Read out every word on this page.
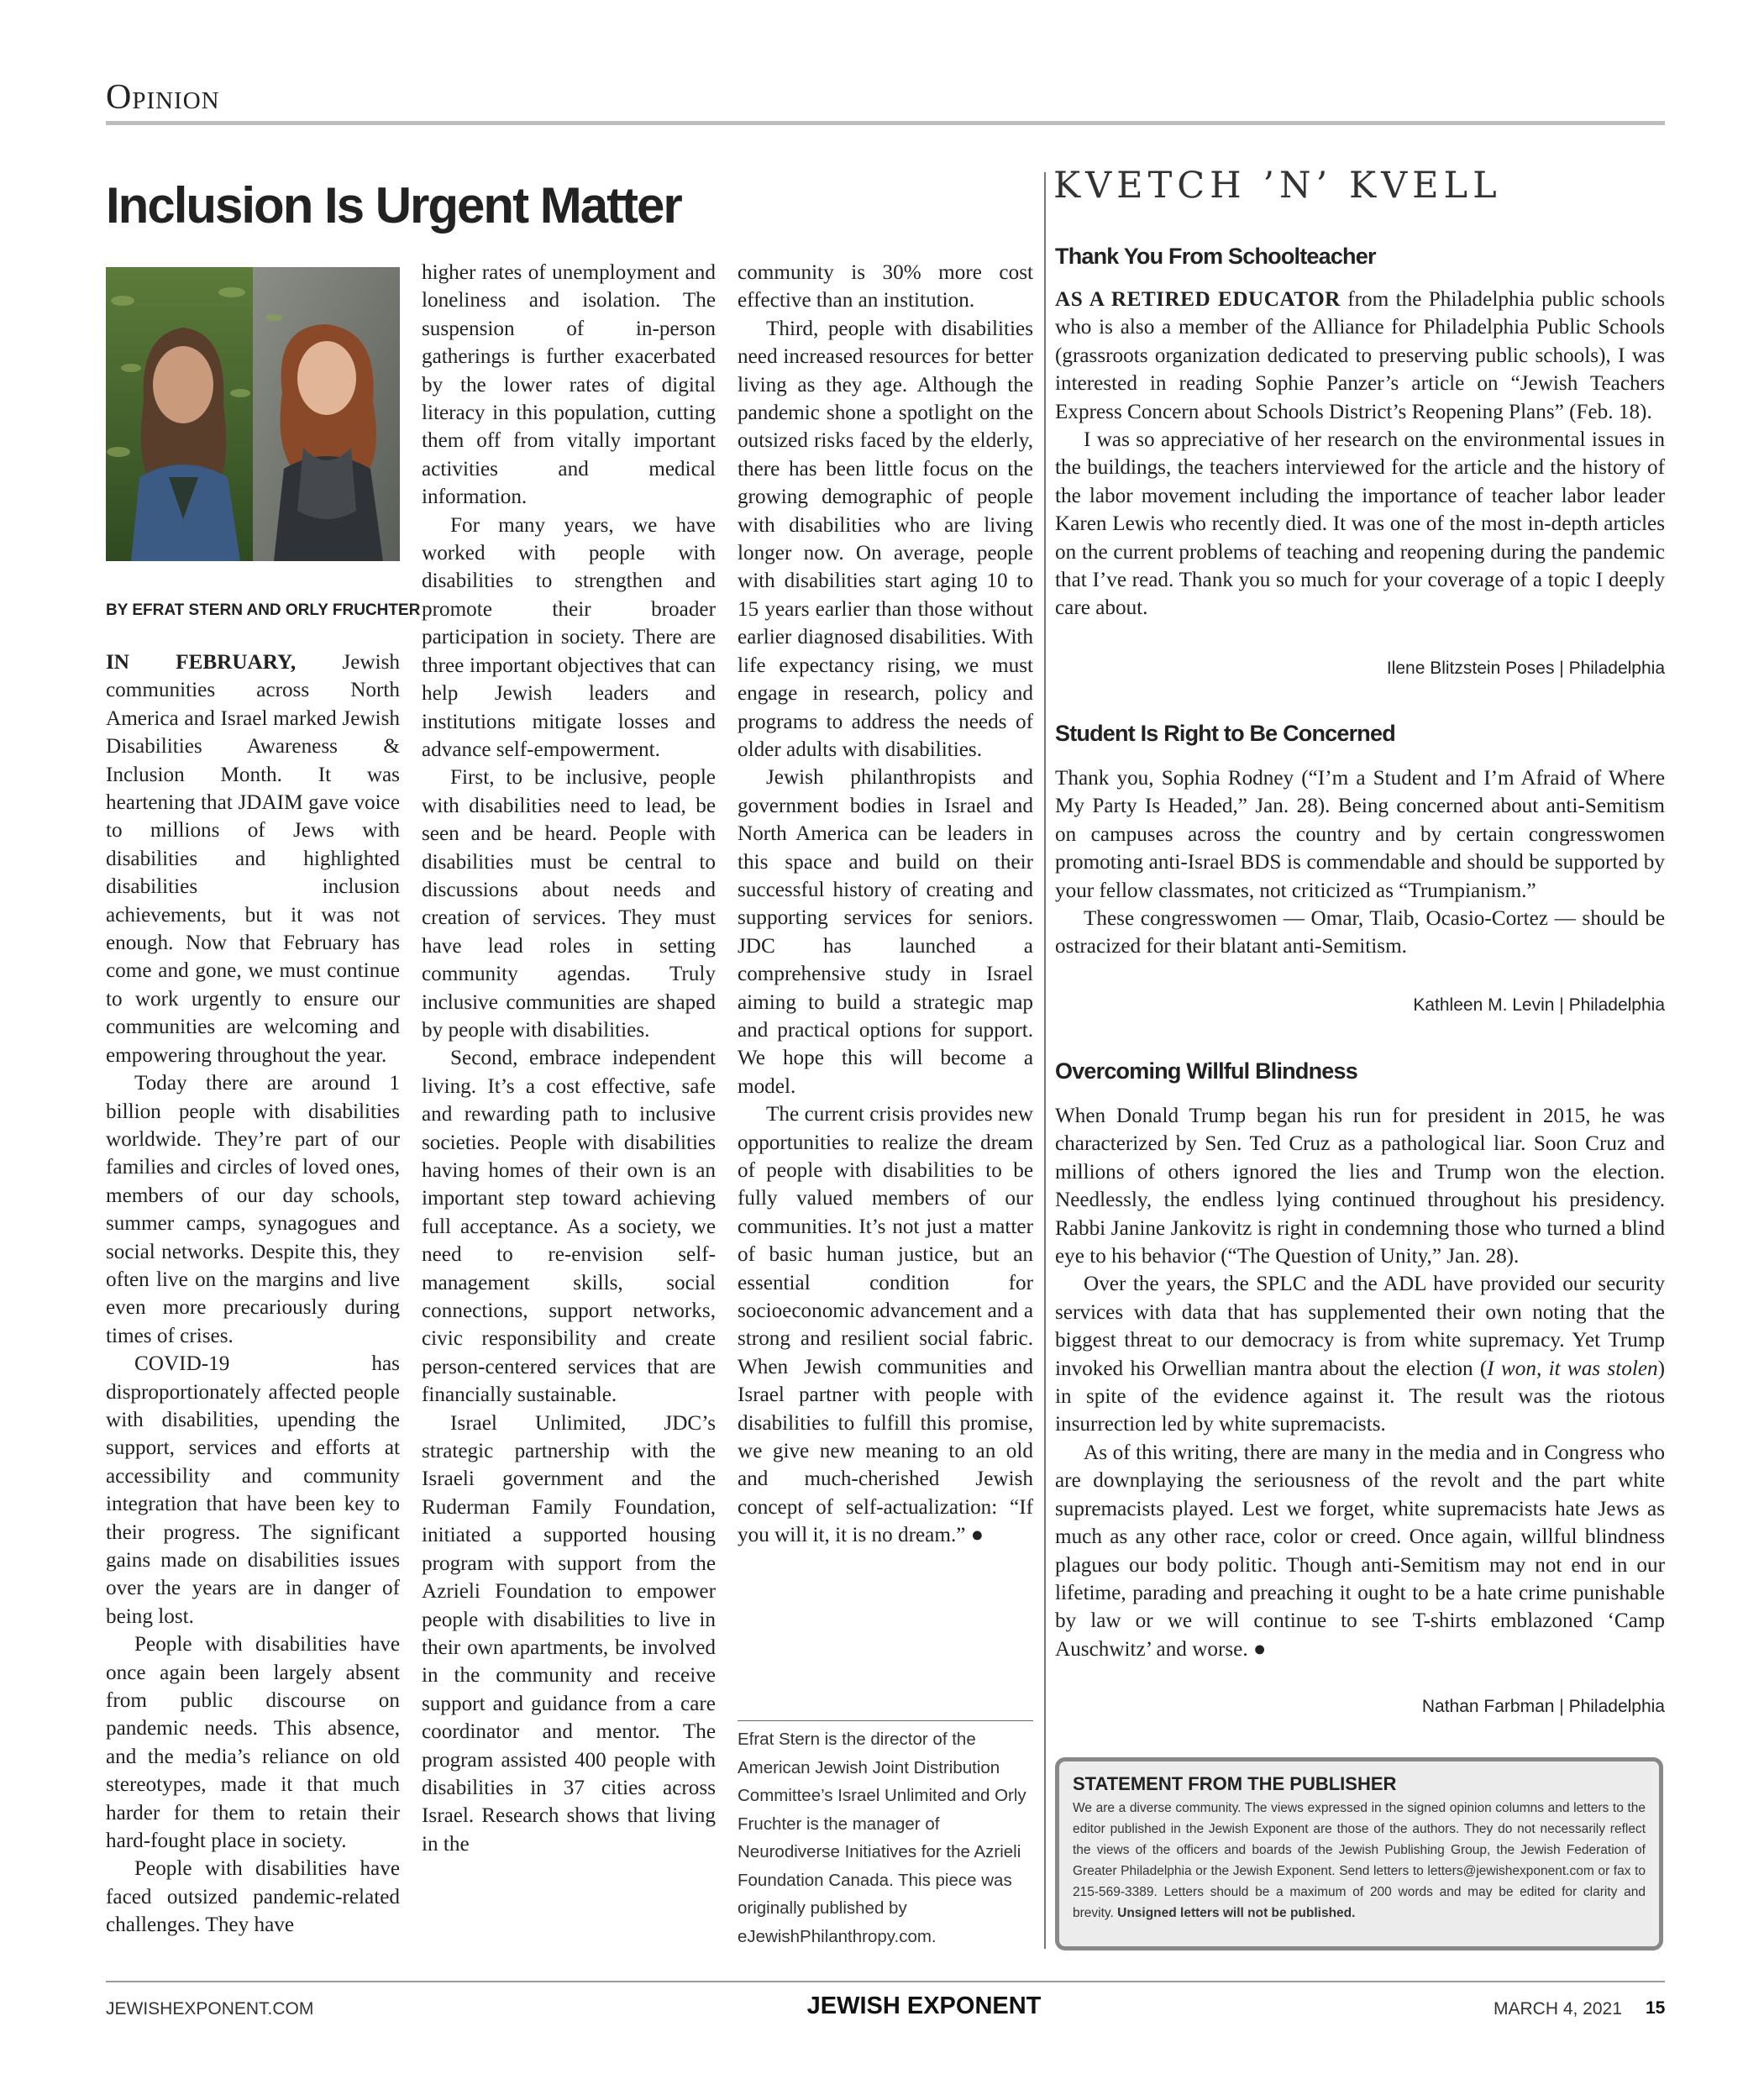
Opinion
Inclusion Is Urgent Matter
BY EFRAT STERN AND ORLY FRUCHTER

IN FEBRUARY, Jewish communities across North America and Israel marked Jewish Disabilities Awareness & Inclusion Month. It was heartening that JDAIM gave voice to millions of Jews with disabilities and highlighted disabilities inclusion achievements, but it was not enough. Now that February has come and gone, we must continue to work urgently to ensure our communities are welcoming and empowering throughout the year.

Today there are around 1 billion people with disabilities worldwide. They’re part of our families and circles of loved ones, members of our day schools, summer camps, synagogues and social networks. Despite this, they often live on the margins and live even more precariously during times of crises.

COVID-19 has disproportionately affected people with disabilities, upending the support, services and efforts at accessibility and community integration that have been key to their progress. The significant gains made on disabilities issues over the years are in danger of being lost.

People with disabilities have once again been largely absent from public discourse on pandemic needs. This absence, and the media’s reliance on old stereotypes, made it that much harder for them to retain their hard-fought place in society.

People with disabilities have faced outsized pandemic-related challenges. They have

higher rates of unemployment and loneliness and isolation. The suspension of in-person gatherings is further exacerbated by the lower rates of digital literacy in this population, cutting them off from vitally important activities and medical information.

For many years, we have worked with people with disabilities to strengthen and promote their broader participation in society. There are three important objectives that can help Jewish leaders and institutions mitigate losses and advance self-empowerment.

First, to be inclusive, people with disabilities need to lead, be seen and be heard. People with disabilities must be central to discussions about needs and creation of services. They must have lead roles in setting community agendas. Truly inclusive communities are shaped by people with disabilities.

Second, embrace independent living. It’s a cost effective, safe and rewarding path to inclusive societies. People with disabilities having homes of their own is an important step toward achieving full acceptance. As a society, we need to re-envision self-management skills, social connections, support networks, civic responsibility and create person-centered services that are financially sustainable.

Israel Unlimited, JDC’s strategic partnership with the Israeli government and the Ruderman Family Foundation, initiated a supported housing program with support from the Azrieli Foundation to empower people with disabilities to live in their own apartments, be involved in the community and receive support and guidance from a care coordinator and mentor. The program assisted 400 people with disabilities in 37 cities across Israel. Research shows that living in the

community is 30% more cost effective than an institution.

Third, people with disabilities need increased resources for better living as they age. Although the pandemic shone a spotlight on the outsized risks faced by the elderly, there has been little focus on the growing demographic of people with disabilities who are living longer now. On average, people with disabilities start aging 10 to 15 years earlier than those without earlier diagnosed disabilities. With life expectancy rising, we must engage in research, policy and programs to address the needs of older adults with disabilities.

Jewish philanthropists and government bodies in Israel and North America can be leaders in this space and build on their successful history of creating and supporting services for seniors. JDC has launched a comprehensive study in Israel aiming to build a strategic map and practical options for support. We hope this will become a model.

The current crisis provides new opportunities to realize the dream of people with disabilities to be fully valued members of our communities. It’s not just a matter of basic human justice, but an essential condition for socioeconomic advancement and a strong and resilient social fabric. When Jewish communities and Israel partner with people with disabilities to fulfill this promise, we give new meaning to an old and much-cherished Jewish concept of self-actualization: “If you will it, it is no dream.” ●

Efrat Stern is the director of the American Jewish Joint Distribution Committee’s Israel Unlimited and Orly Fruchter is the manager of Neurodiverse Initiatives for the Azrieli Foundation Canada. This piece was originally published by eJewishPhilanthropy.com.
KVETCH ’N’ KVELL
Thank You From Schoolteacher

AS A RETIRED EDUCATOR from the Philadelphia public schools who is also a member of the Alliance for Philadelphia Public Schools (grassroots organization dedicated to preserving public schools), I was interested in reading Sophie Panzer’s article on “Jewish Teachers Express Concern about Schools District’s Reopening Plans” (Feb. 18).

I was so appreciative of her research on the environmental issues in the buildings, the teachers interviewed for the article and the history of the labor movement including the importance of teacher labor leader Karen Lewis who recently died. It was one of the most in-depth articles on the current problems of teaching and reopening during the pandemic that I’ve read. Thank you so much for your coverage of a topic I deeply care about.

Ilene Blitzstein Poses | Philadelphia
Student Is Right to Be Concerned

Thank you, Sophia Rodney (“I’m a Student and I’m Afraid of Where My Party Is Headed,” Jan. 28). Being concerned about anti-Semitism on campuses across the country and by certain congresswomen promoting anti-Israel BDS is commendable and should be supported by your fellow classmates, not criticized as “Trumpianism.”

These congresswomen — Omar, Tlaib, Ocasio-Cortez — should be ostracized for their blatant anti-Semitism.

Kathleen M. Levin | Philadelphia
Overcoming Willful Blindness

When Donald Trump began his run for president in 2015, he was characterized by Sen. Ted Cruz as a pathological liar. Soon Cruz and millions of others ignored the lies and Trump won the election. Needlessly, the endless lying continued throughout his presidency. Rabbi Janine Jankovitz is right in condemning those who turned a blind eye to his behavior (“The Question of Unity,” Jan. 28).

Over the years, the SPLC and the ADL have provided our security services with data that has supplemented their own noting that the biggest threat to our democracy is from white supremacy. Yet Trump invoked his Orwellian mantra about the election (I won, it was stolen) in spite of the evidence against it. The result was the riotous insurrection led by white supremacists.

As of this writing, there are many in the media and in Congress who are downplaying the seriousness of the revolt and the part white supremacists played. Lest we forget, white supremacists hate Jews as much as any other race, color or creed. Once again, willful blindness plagues our body politic. Though anti-Semitism may not end in our lifetime, parading and preaching it ought to be a hate crime punishable by law or we will continue to see T-shirts emblazoned ‘Camp Auschwitz’ and worse. ●

Nathan Farbman | Philadelphia
STATEMENT FROM THE PUBLISHER
We are a diverse community. The views expressed in the signed opinion columns and letters to the editor published in the Jewish Exponent are those of the authors. They do not necessarily reflect the views of the officers and boards of the Jewish Publishing Group, the Jewish Federation of Greater Philadelphia or the Jewish Exponent. Send letters to letters@jewishexponent.com or fax to 215-569-3389. Letters should be a maximum of 200 words and may be edited for clarity and brevity. Unsigned letters will not be published.
JEWISHEXPONENT.COM	JEWISH EXPONENT	MARCH 4, 2021 15
